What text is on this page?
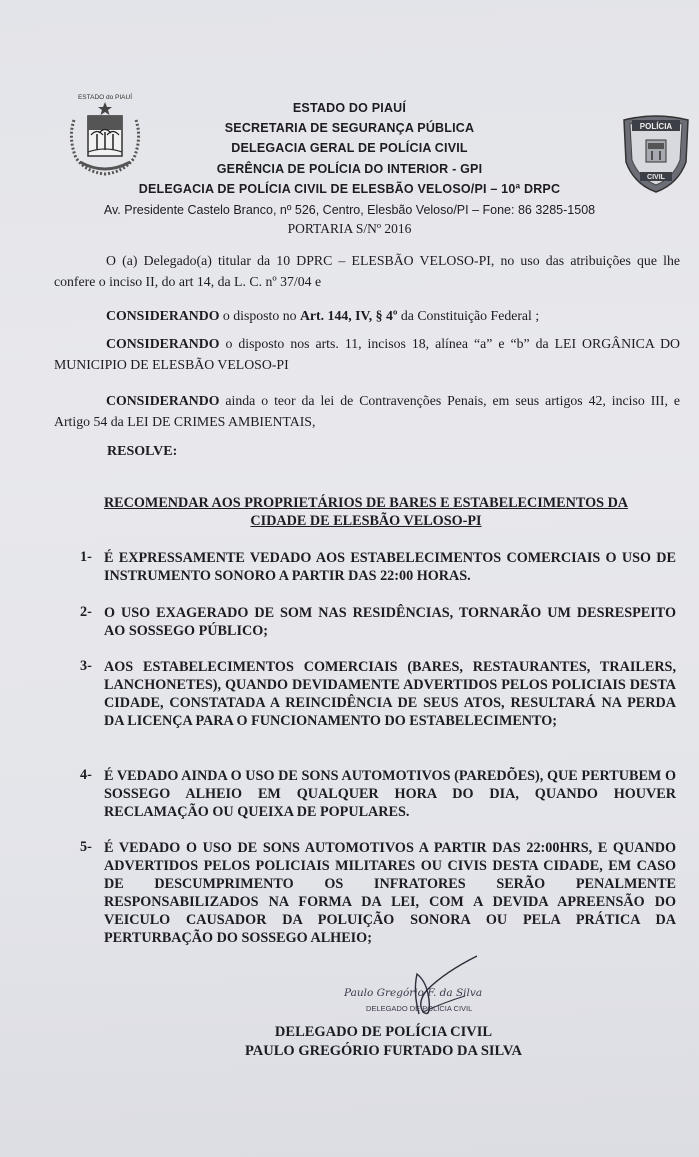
ESTADO do PIAUÍ
POLÍCIA
CIVIL
ESTADO DO PIAUÍ
SECRETARIA DE SEGURANÇA PÚBLICA
DELEGACIA GERAL DE POLÍCIA CIVIL
GERÊNCIA DE POLÍCIA DO INTERIOR - GPI
DELEGACIA DE POLÍCIA CIVIL DE ELESBÃO VELOSO/PI – 10ª DRPC
Av. Presidente Castelo Branco, nº 526, Centro, Elesbão Veloso/PI – Fone: 86 3285-1508
PORTARIA S/Nº 2016
O (a) Delegado(a) titular da 10 DPRC – ELESBÃO VELOSO-PI, no uso das atribuições que lhe confere o inciso II, do art 14, da L. C. nº 37/04 e
CONSIDERANDO o disposto no Art. 144, IV, § 4º da Constituição Federal ;
CONSIDERANDO o disposto nos arts. 11, incisos 18, alínea “a” e “b” da LEI ORGÂNICA DO MUNICIPIO DE ELESBÃO VELOSO-PI
CONSIDERANDO ainda o teor da lei de Contravenções Penais, em seus artigos 42, inciso III, e Artigo 54 da LEI DE CRIMES AMBIENTAIS,
RESOLVE:
RECOMENDAR AOS PROPRIETÁRIOS DE BARES E ESTABELECIMENTOS DA
CIDADE DE ELESBÃO VELOSO-PI
1- É EXPRESSAMENTE VEDADO AOS ESTABELECIMENTOS COMERCIAIS O USO DE INSTRUMENTO SONORO A PARTIR DAS 22:00 HORAS.
2- O USO EXAGERADO DE SOM NAS RESIDÊNCIAS, TORNARÃO UM DESRESPEITO AO SOSSEGO PÚBLICO;
3- AOS ESTABELECIMENTOS COMERCIAIS (BARES, RESTAURANTES, TRAILERS, LANCHONETES), QUANDO DEVIDAMENTE ADVERTIDOS PELOS POLICIAIS DESTA CIDADE, CONSTATADA A REINCIDÊNCIA DE SEUS ATOS, RESULTARÁ NA PERDA DA LICENÇA PARA O FUNCIONAMENTO DO ESTABELECIMENTO;
4- É VEDADO AINDA O USO DE SONS AUTOMOTIVOS (PAREDÕES), QUE PERTUBEM O SOSSEGO ALHEIO EM QUALQUER HORA DO DIA, QUANDO HOUVER RECLAMAÇÃO OU QUEIXA DE POPULARES.
5- É VEDADO O USO DE SONS AUTOMOTIVOS A PARTIR DAS 22:00HRS, E QUANDO ADVERTIDOS PELOS POLICIAIS MILITARES OU CIVIS DESTA CIDADE, EM CASO DE DESCUMPRIMENTO OS INFRATORES SERÃO PENALMENTE RESPONSABILIZADOS NA FORMA DA LEI, COM A DEVIDA APREENSÃO DO VEICULO CAUSADOR DA POLUIÇÃO SONORA OU PELA PRÁTICA DA PERTURBAÇÃO DO SOSSEGO ALHEIO;
Paulo Gregório F. da Silva
DELEGADO DE POLÍCIA CIVIL
DELEGADO DE POLÍCIA CIVIL
PAULO GREGÓRIO FURTADO DA SILVA
